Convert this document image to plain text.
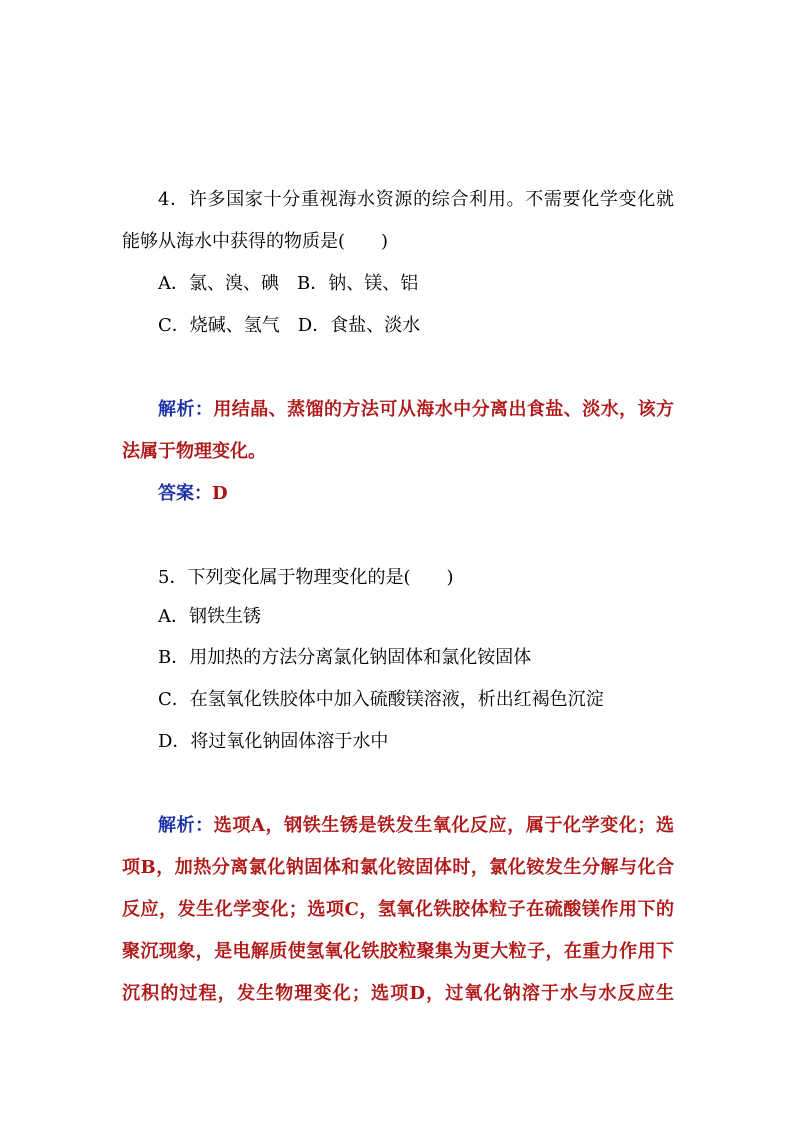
4．许多国家十分重视海水资源的综合利用。不需要化学变化就
能够从海水中获得的物质是(　　)
A．氯、溴、碘　B．钠、镁、铝
C．烧碱、氢气　D．食盐、淡水
解析：用结晶、蒸馏的方法可从海水中分离出食盐、淡水，该方
法属于物理变化。
答案：D
5．下列变化属于物理变化的是(　　)
A．钢铁生锈
B．用加热的方法分离氯化钠固体和氯化铵固体
C．在氢氧化铁胶体中加入硫酸镁溶液，析出红褐色沉淀
D．将过氧化钠固体溶于水中
解析：选项A，钢铁生锈是铁发生氧化反应，属于化学变化；选
项B，加热分离氯化钠固体和氯化铵固体时，氯化铵发生分解与化合
反应，发生化学变化；选项C，氢氧化铁胶体粒子在硫酸镁作用下的
聚沉现象，是电解质使氢氧化铁胶粒聚集为更大粒子，在重力作用下
沉积的过程，发生物理变化；选项D，过氧化钠溶于水与水反应生
